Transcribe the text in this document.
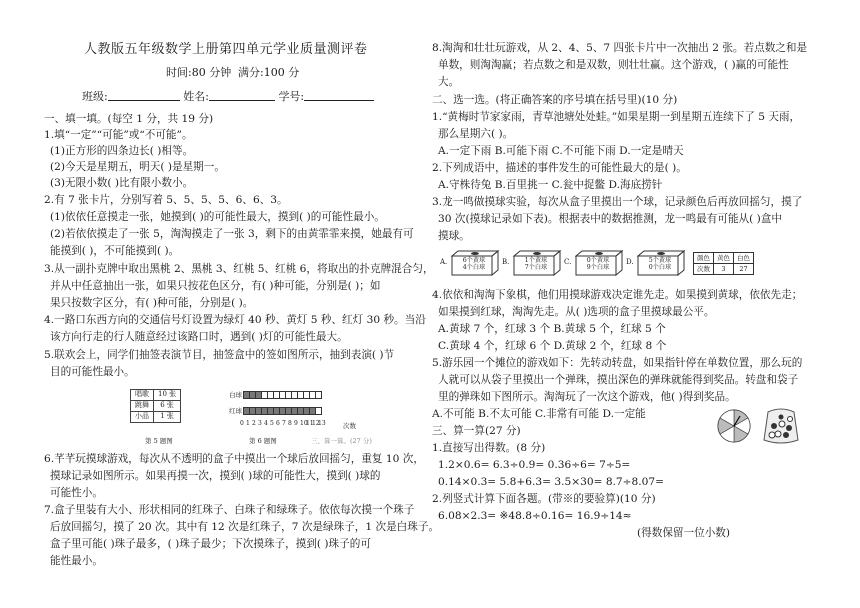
人教版五年级数学上册第四单元学业质量测评卷
时间:80 分钟 满分:100 分
班级:	姓名:	学号:
一、填一填。(每空 1 分，共 19 分)
1.填“一定”“可能”或“不可能”。
(1)正方形的四条边长( )相等。
(2)今天是星期五，明天( )是星期一。
(3)无限小数( )比有限小数小。
2.有 7 张卡片，分别写着 5、5、5、5、6、6、3。
(1)依依任意摸走一张，她摸到( )的可能性最大，摸到( )的可能性最小。
(2)若依依摸走了一张 5，淘淘摸走了一张 3，剩下的由黄霏霏来摸，她最有可
能摸到( )，不可能摸到( )。
3.从一副扑克牌中取出黑桃 2、黑桃 3、红桃 5、红桃 6，将取出的扑克牌混合匀，
并从中任意抽出一张，如果只按花色区分，有( )种可能，分别是( )；如
果只按数字区分，有( )种可能，分别是( )。
4.一路口东西方向的交通信号灯设置为绿灯 40 秒、黄灯 5 秒、红灯 30 秒。当沿
该方向行走的行人随意经过该路口时，遇到( )灯的可能性最大。
5.联欢会上，同学们抽签表演节目，抽签盒中的签如图所示，抽到表演( )节
目的可能性最小。
唱歌	10 张
跳舞	6 张
小品	1 张
第 5 题图
白球
红球
0 1 2 3 4 5 6 7 8 9 10
11
12
13	次数
第 6 题图	三、算一算。(27 分)
6.芊芊玩摸球游戏，每次从不透明的盒子中摸出一个球后放回摇匀，重复 10 次，
摸球记录如图所示。如果再摸一次，摸到( )球的可能性大，摸到( )球的
可能性小。
7.盒子里装有大小、形状相同的红珠子、白珠子和绿珠子。依依每次摸一个珠子
后放回摇匀，摸了 20 次。其中有 12 次是红珠子，7 次是绿珠子，1 次是白珠子。
盒子里可能( )珠子最多，( )珠子最少；下次摸珠子，摸到( )珠子的可
能性最小。
8.淘淘和壮壮玩游戏，从 2、4、5、7 四张卡片中一次抽出 2 张。若点数之和是
单数，则淘淘赢；若点数之和是双数，则壮壮赢。这个游戏，( )赢的可能性
大。
二、选一选。(将正确答案的序号填在括号里)(10 分)
1.“黄梅时节家家雨，青草池塘处处蛙。”如果星期一到星期五连续下了 5 天雨，
那么星期六( )。
A.一定下雨 B.可能下雨 C.不可能下雨 D.一定是晴天
2.下列成语中，描述的事件发生的可能性最大的是( )。
A.守株待兔 B.百里挑一 C.瓮中捉鳖 D.海底捞针
3.龙一鸣做摸球实验，每次从盒子里摸出一个球，记录颜色后再放回摇匀，摸了
30 次(摸球记录如下表)。根据表中的数据推测，龙一鸣最有可能从( )盒中
摸球。
A.	6个黄球
4个白球
B.	1个黄球
7个白球
C.	0个黄球
9个白球
D.	5个黄球
0个白球
颜色	黄色	白色
次数	3	27
4.依依和淘淘下象棋，他们用摸球游戏决定谁先走。如果摸到黄球，依依先走；
如果摸到红球，淘淘先走。从( )选项的盒子里摸球最公平。
A.黄球 7 个，红球 3 个 B.黄球 5 个，红球 5 个
C.黄球 4 个，红球 6 个 D.黄球 2 个，红球 8 个
5.游乐园一个摊位的游戏如下：先转动转盘，如果指针停在单数位置，那么玩的
人就可以从袋子里摸出一个弹珠，摸出深色的弹珠就能得到奖品。转盘和袋子
里的弹珠如下图所示。淘淘玩了一次这个游戏，他( )得到奖品。
A.不可能 B.不太可能 C.非常有可能 D.一定能
三、算一算(27 分)
1.直接写出得数。(8 分)
1.2×0.6= 6.3÷0.9= 0.36÷6= 7÷5=
0.14×0.3= 5.8+6.3= 3.5×30= 8.7÷8.07=
2.列竖式计算下面各题。(带※的要验算)(10 分)
6.08×2.3= ※48.8÷0.16= 16.9÷14≈
(得数保留一位小数)
